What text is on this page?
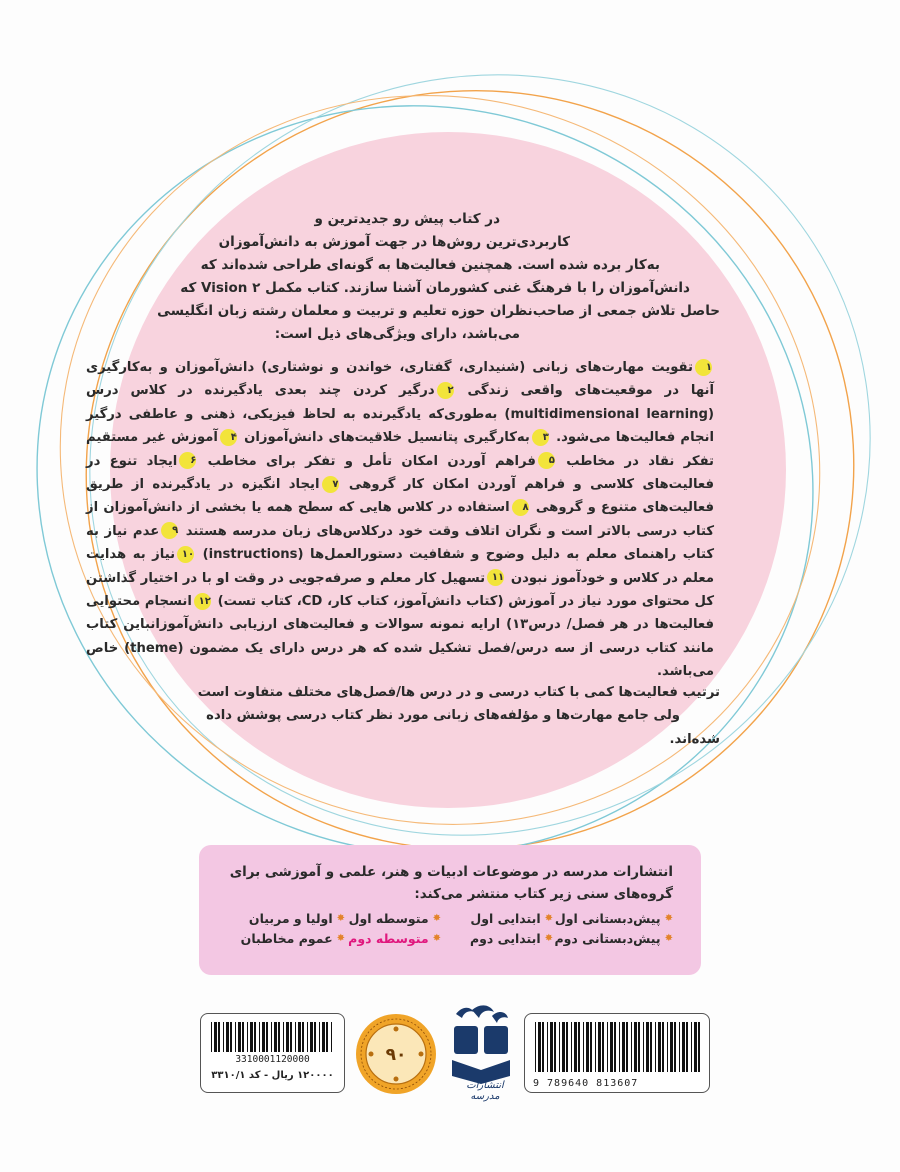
در کتاب پیش رو جدیدترین و

کاربردی‌ترین روش‌ها در جهت آموزش به دانش‌آموزان

به‌کار برده شده است. همچنین فعالیت‌ها به گونه‌ای طراحی شده‌اند که

دانش‌آموزان را با فرهنگ غنی کشورمان آشنا سازند. کتاب مکمل ۲ Vision که

حاصل تلاش جمعی از صاحب‌نظران حوزه تعلیم و تربیت و معلمان رشته زبان انگلیسی

می‌باشد، دارای ویژگی‌های ذیل است:

۱تقویت مهارت‌های زبانی (شنیداری، گفتاری، خواندن و نوشتاری) دانش‌آموزان و به‌کارگیری آنها در موقعیت‌های واقعی زندگی ۲درگیر کردن چند بعدی یادگیرنده در کلاس درس (multidimensional learning) به‌طوری‌که یادگیرنده به لحاظ فیزیکی، ذهنی و عاطفی درگیر انجام فعالیت‌ها می‌شود. ۳به‌کارگیری پتانسیل خلاقیت‌های دانش‌آموزان ۴آموزش غیر مستقیم تفکر نقاد در مخاطب ۵فراهم آوردن امکان تأمل و تفکر برای مخاطب ۶ایجاد تنوع در فعالیت‌های کلاسی و فراهم آوردن امکان کار گروهی ۷ایجاد انگیزه در یادگیرنده از طریق فعالیت‌های متنوع و گروهی ۸استفاده در کلاس هایی که سطح همه یا بخشی از دانش‌آموزان از کتاب درسی بالاتر است و نگران اتلاف وقت خود درکلاس‌های زبان مدرسه هستند ۹عدم نیاز به کتاب راهنمای معلم به دلیل وضوح و شفافیت دستورالعمل‌ها (instructions) ۱۰نیاز به هدایت معلم در کلاس و خودآموز نبودن ۱۱تسهیل کار معلم و صرفه‌جویی در وقت او با در اختیار گذاشتن کل محتوای مورد نیاز در آموزش (کتاب دانش‌آموز، کتاب کار، CD، کتاب تست) ۱۲انسجام محتوایی فعالیت‌ها در هر فصل/ درس۱۳) ارایه نمونه سوالات و فعالیت‌های ارزیابی دانش‌آموزانباین کتاب مانند کتاب درسی از سه درس/فصل تشکیل شده که هر درس دارای یک مضمون (theme) خاص می‌باشد.

ترتیب فعالیت‌ها کمی با کتاب درسی و در درس ها/فصل‌های مختلف متفاوت است

ولی جامع مهارت‌ها و مؤلفه‌های زبانی مورد نظر کتاب درسی پوشش داده

شده‌اند.

انتشارات مدرسه در موضوعات ادبیات و هنر، علمی و آموزشی برای گروه‌های سنی زیر کتاب منتشر می‌کند:

✸
پیش‌دبستانی اول
✸
ابتدایی اول
✸
متوسطه اول
✸
اولیا و مربیان
✸
پیش‌دبستانی دوم
✸
ابتدایی دوم
✸
متوسطه دوم
✸
عموم مخاطبان
3310001120000
۱۲۰۰۰۰ ریال - کد ۳۳۱۰/۱
۹۰
انتشارات مدرسه
9 789640 813607
